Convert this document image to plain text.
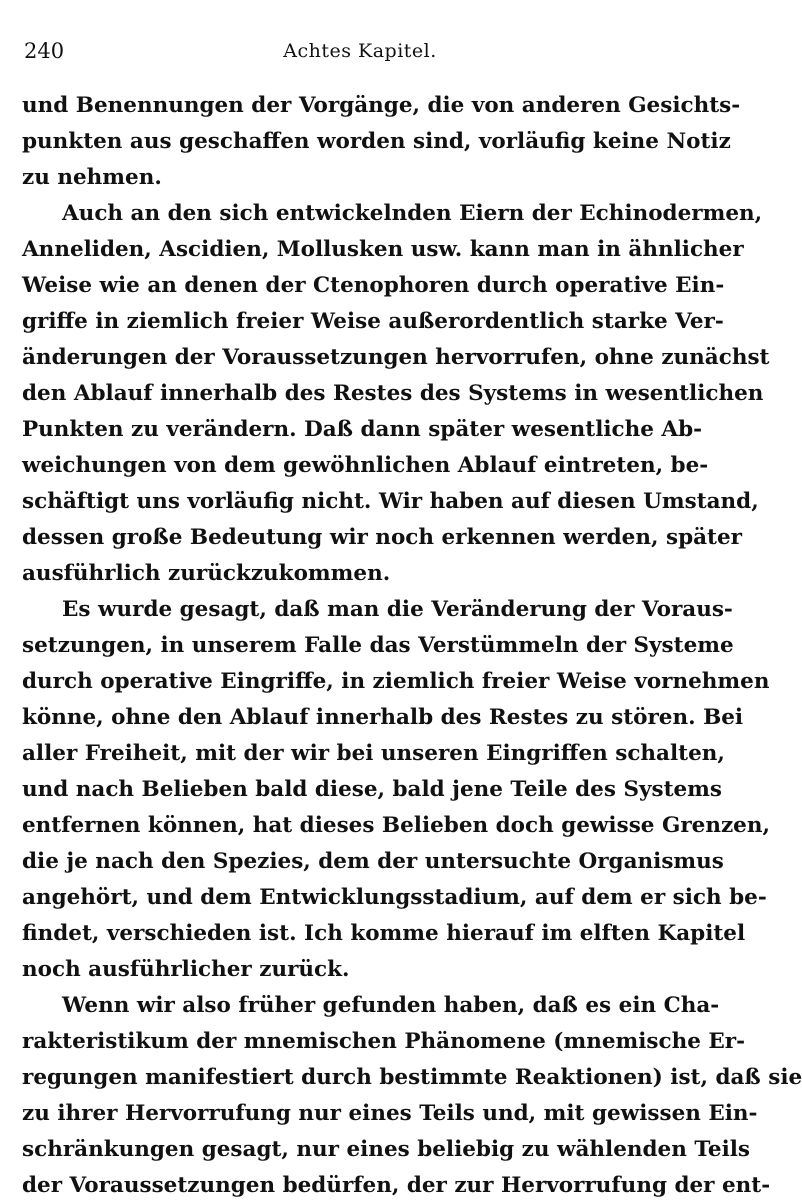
240	Achtes Kapitel.
und Benennungen der Vorgänge, die von anderen Gesichts-
punkten aus geschaffen worden sind, vorläufig keine Notiz
zu nehmen.
Auch an den sich entwickelnden Eiern der Echinodermen,
Anneliden, Ascidien, Mollusken usw. kann man in ähnlicher
Weise wie an denen der Ctenophoren durch operative Ein-
griffe in ziemlich freier Weise außerordentlich starke Ver-
änderungen der Voraussetzungen hervorrufen, ohne zunächst
den Ablauf innerhalb des Restes des Systems in wesentlichen
Punkten zu verändern. Daß dann später wesentliche Ab-
weichungen von dem gewöhnlichen Ablauf eintreten, be-
schäftigt uns vorläufig nicht. Wir haben auf diesen Umstand,
dessen große Bedeutung wir noch erkennen werden, später
ausführlich zurückzukommen.
Es wurde gesagt, daß man die Veränderung der Voraus-
setzungen, in unserem Falle das Verstümmeln der Systeme
durch operative Eingriffe, in ziemlich freier Weise vornehmen
könne, ohne den Ablauf innerhalb des Restes zu stören. Bei
aller Freiheit, mit der wir bei unseren Eingriffen schalten,
und nach Belieben bald diese, bald jene Teile des Systems
entfernen können, hat dieses Belieben doch gewisse Grenzen,
die je nach den Spezies, dem der untersuchte Organismus
angehört, und dem Entwicklungsstadium, auf dem er sich be-
findet, verschieden ist. Ich komme hierauf im elften Kapitel
noch ausführlicher zurück.
Wenn wir also früher gefunden haben, daß es ein Cha-
rakteristikum der mnemischen Phänomene (mnemische Er-
regungen manifestiert durch bestimmte Reaktionen) ist, daß sie
zu ihrer Hervorrufung nur eines Teils und, mit gewissen Ein-
schränkungen gesagt, nur eines beliebig zu wählenden Teils
der Voraussetzungen bedürfen, der zur Hervorrufung der ent-
